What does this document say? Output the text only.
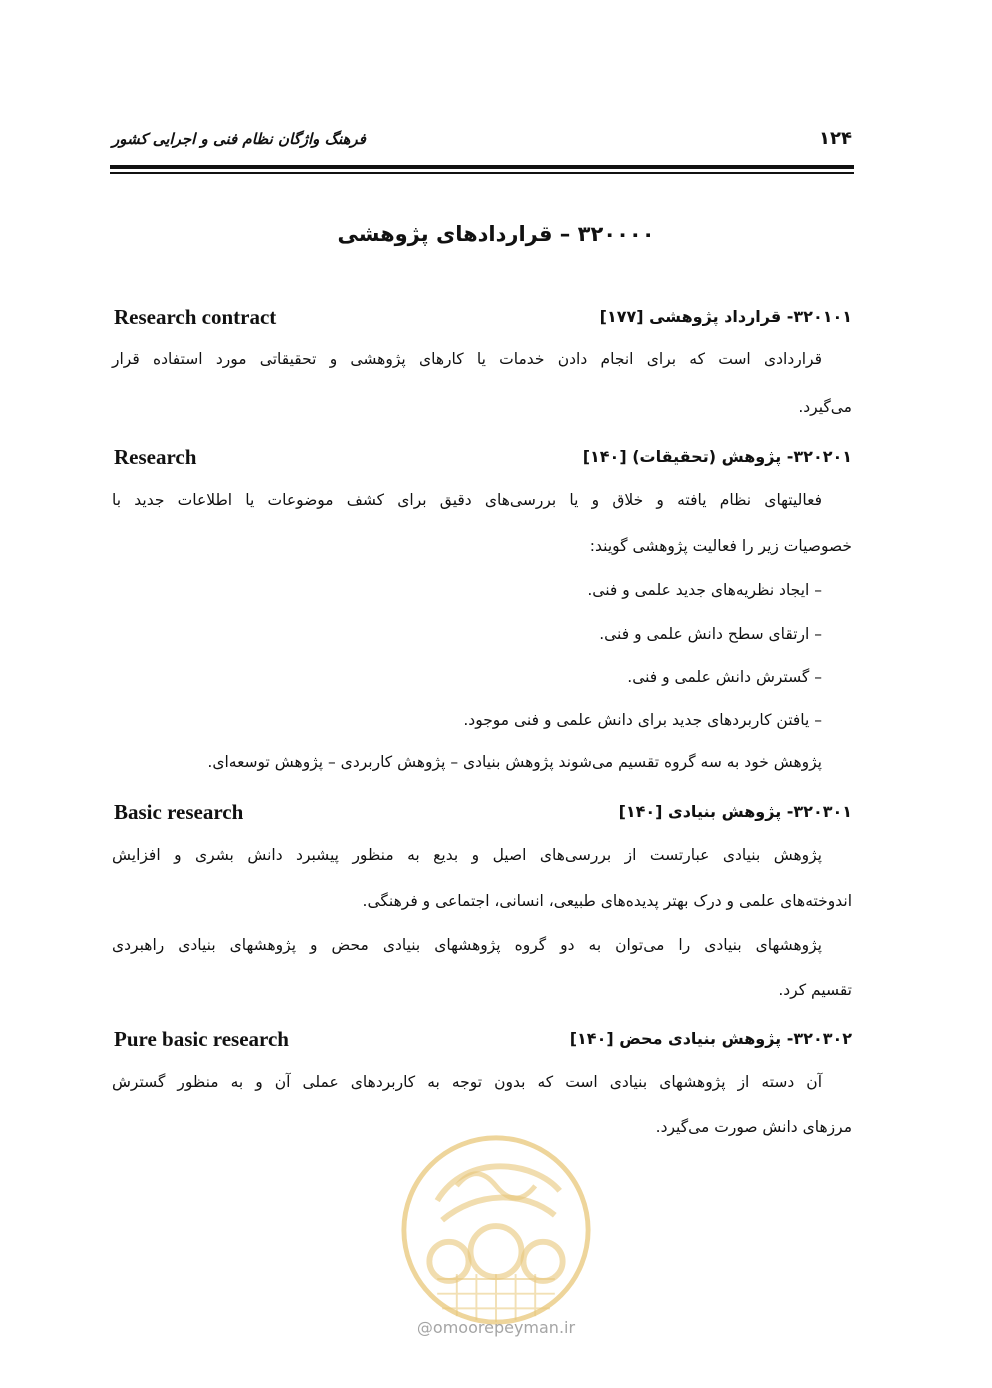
۱۲۴
فرهنگ واژگان نظام فنی و اجرایی کشور
۳۲۰۰۰۰ – قراردادهای پژوهشی
۳۲۰۱۰۱- قرارداد پژوهشی [۱۷۷]
Research contract
قراردادی است که برای انجام دادن خدمات یا کارهای پژوهشی و تحقیقاتی مورد استفاده قرار
می‌گیرد.
۳۲۰۲۰۱- پژوهش (تحقیقات) [۱۴۰]
Research
فعالیتهای نظام یافته و خلاق و یا بررسی‌های دقیق برای کشف موضوعات یا اطلاعات جدید با
خصوصیات زیر را فعالیت پژوهشی گویند:
– ایجاد نظریه‌های جدید علمی و فنی.
– ارتقای سطح دانش علمی و فنی.
– گسترش دانش علمی و فنی.
– یافتن کاربردهای جدید برای دانش علمی و فنی موجود.
پژوهش خود به سه گروه تقسیم می‌شوند پژوهش بنیادی – پژوهش کاربردی – پژوهش توسعه‌ای.
۳۲۰۳۰۱- پژوهش بنیادی [۱۴۰]
Basic research
پژوهش بنیادی عبارتست از بررسی‌های اصیل و بدیع به منظور پیشبرد دانش بشری و افزایش
اندوخته‌های علمی و درک بهتر پدیده‌های طبیعی، انسانی، اجتماعی و فرهنگی.
پژوهشهای بنیادی را می‌توان به دو گروه پژوهشهای بنیادی محض و پژوهشهای بنیادی راهبردی
تقسیم کرد.
۳۲۰۳۰۲- پژوهش بنیادی محض [۱۴۰]
Pure basic research
آن دسته از پژوهشهای بنیادی است که بدون توجه به کاربردهای عملی آن و به منظور گسترش
مرزهای دانش صورت می‌گیرد.
@omoorepeyman.ir
